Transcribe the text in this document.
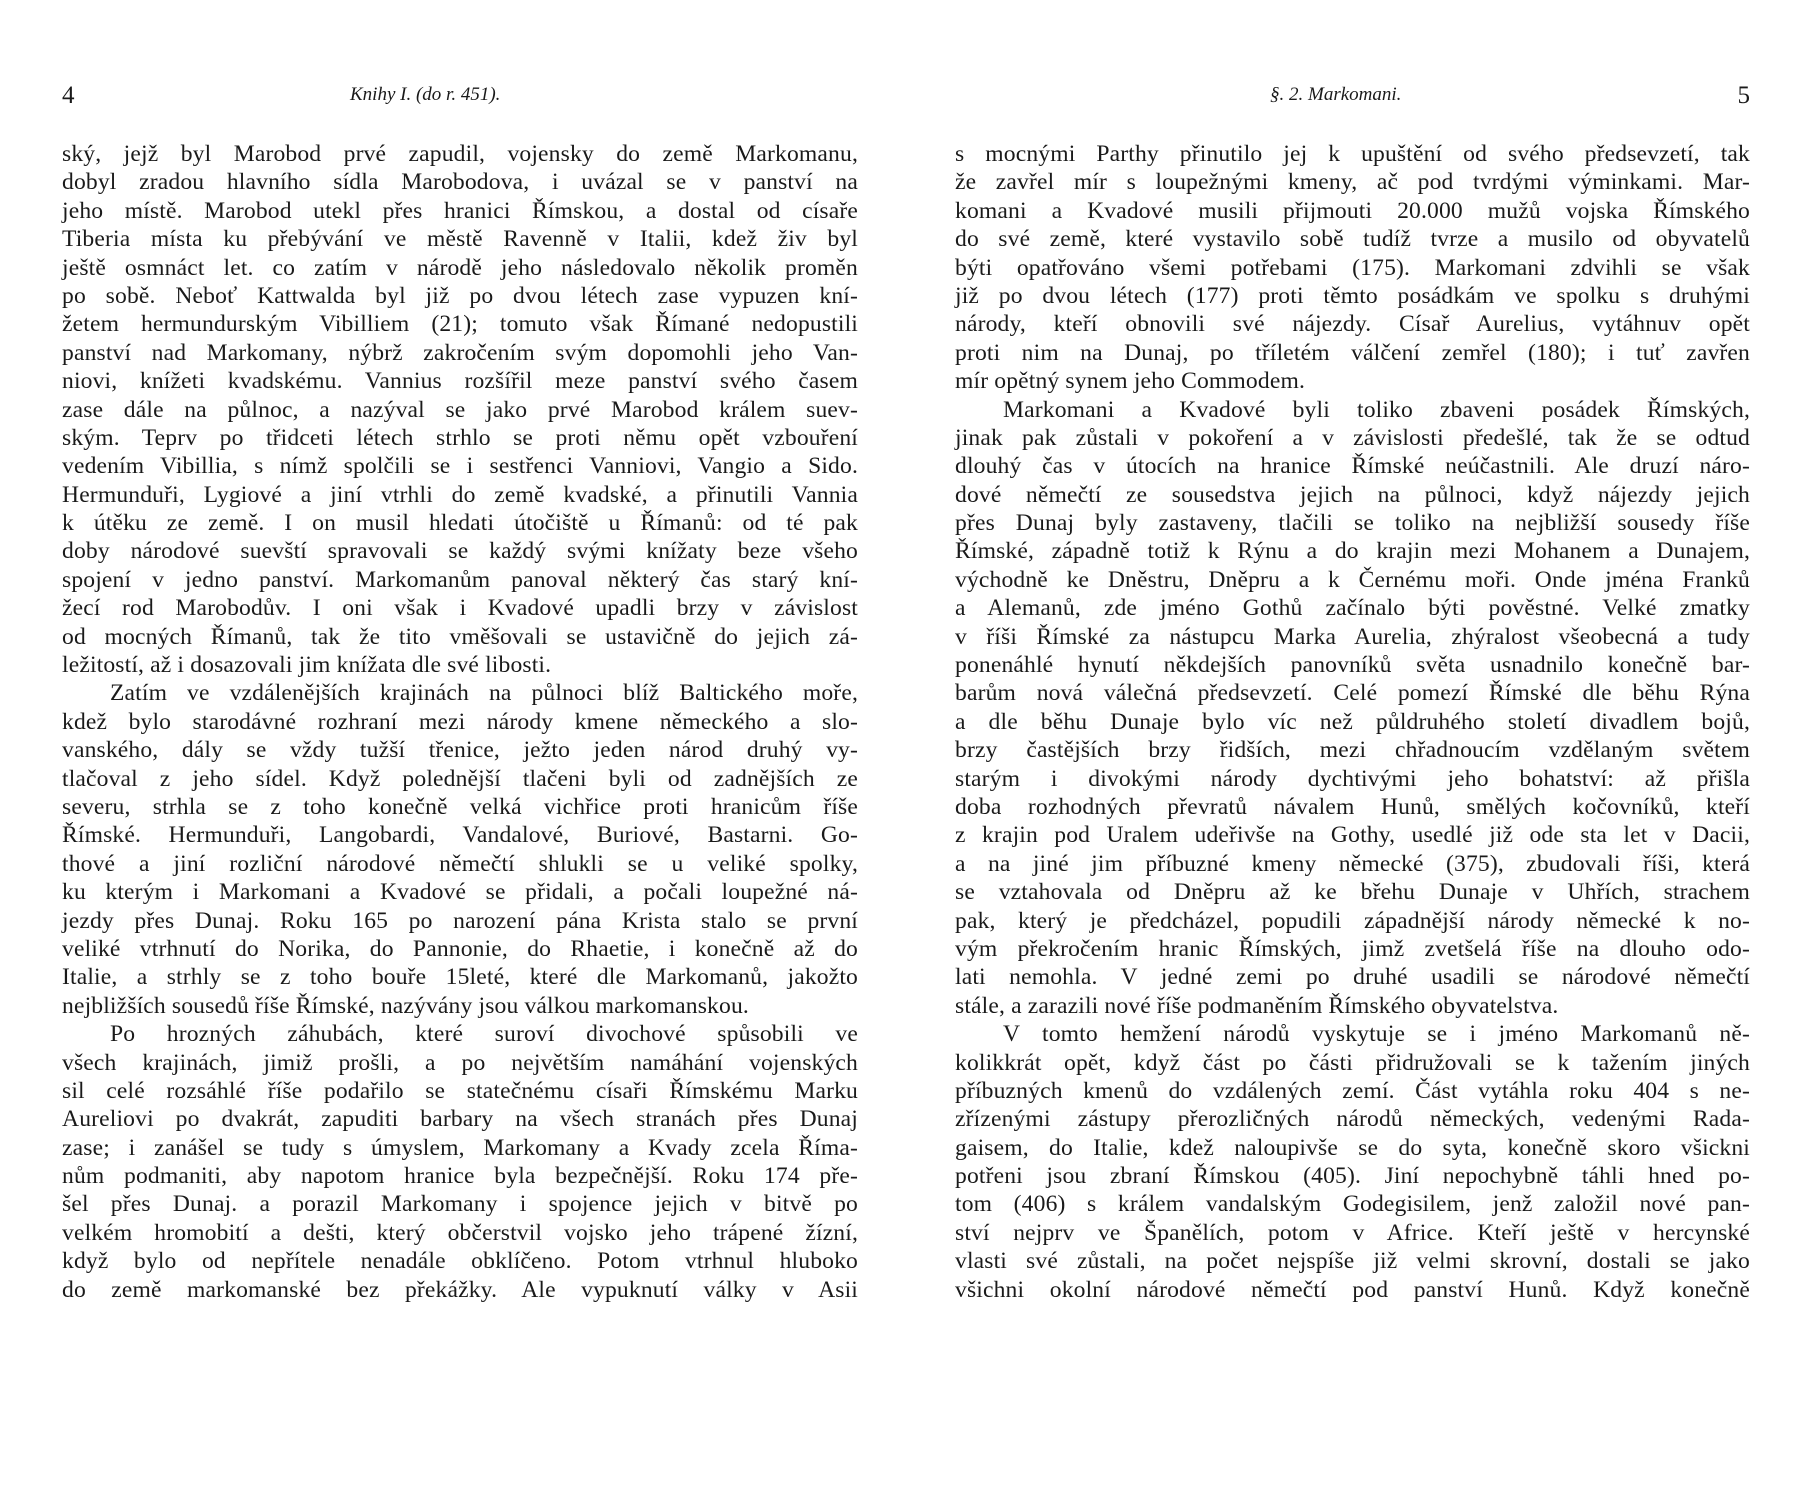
4	Knihy I. (do r. 451).
ský, jejž byl Marobod prvé zapudil, vojensky do země Markomanu,
dobyl zradou hlavního sídla Marobodova, i uvázal se v panství na
jeho místě. Marobod utekl přes hranici Římskou, a dostal od císaře
Tiberia místa ku přebývání ve městě Ravenně v Italii, kdež živ byl
ještě osmnáct let. co zatím v národě jeho následovalo několik proměn
po sobě. Neboť Kattwalda byl již po dvou létech zase vypuzen kní-
žetem hermundurským Vibilliem (21); tomuto však Římané nedopustili
panství nad Markomany, nýbrž zakročením svým dopomohli jeho Van-
niovi, knížeti kvadskému. Vannius rozšířil meze panství svého časem
zase dále na půlnoc, a nazýval se jako prvé Marobod králem suev-
ským. Teprv po třidceti létech strhlo se proti němu opět vzbouření
vedením Vibillia, s nímž spolčili se i sestřenci Vanniovi, Vangio a Sido.
Hermunduři, Lygiové a jiní vtrhli do země kvadské, a přinutili Vannia
k útěku ze země. I on musil hledati útočiště u Římanů: od té pak
doby národové suevští spravovali se každý svými knížaty beze všeho
spojení v jedno panství. Markomanům panoval některý čas starý kní-
žecí rod Marobodův. I oni však i Kvadové upadli brzy v závislost
od mocných Římanů, tak že tito vměšovali se ustavičně do jejich zá-
ležitostí, až i dosazovali jim knížata dle své libosti.
Zatím ve vzdálenějších krajinách na půlnoci blíž Baltického moře,
kdež bylo starodávné rozhraní mezi národy kmene německého a slo-
vanského, dály se vždy tužší třenice, ježto jeden národ druhý vy-
tlačoval z jeho sídel. Když polednější tlačeni byli od zadnějších ze
severu, strhla se z toho konečně velká vichřice proti hranicům říše
Římské. Hermunduři, Langobardi, Vandalové, Buriové, Bastarni. Go-
thové a jiní rozliční národové němečtí shlukli se u veliké spolky,
ku kterým i Markomani a Kvadové se přidali, a počali loupežné ná-
jezdy přes Dunaj. Roku 165 po narození pána Krista stalo se první
veliké vtrhnutí do Norika, do Pannonie, do Rhaetie, i konečně až do
Italie, a strhly se z toho bouře 15leté, které dle Markomanů, jakožto
nejbližších sousedů říše Římské, nazývány jsou válkou markomanskou.
Po hrozných záhubách, které suroví divochové spůsobili ve
všech krajinách, jimiž prošli, a po největším namáhání vojenských
sil celé rozsáhlé říše podařilo se statečnému císaři Římskému Marku
Aureliovi po dvakrát, zapuditi barbary na všech stranách přes Dunaj
zase; i zanášel se tudy s úmyslem, Markomany a Kvady zcela Říma-
nům podmaniti, aby napotom hranice byla bezpečnější. Roku 174 pře-
šel přes Dunaj. a porazil Markomany i spojence jejich v bitvě po
velkém hromobití a dešti, který občerstvil vojsko jeho trápené žízní,
když bylo od nepřítele nenadále obklíčeno. Potom vtrhnul hluboko
do země markomanské bez překážky. Ale vypuknutí války v Asii
§. 2. Markomani.	5
s mocnými Parthy přinutilo jej k upuštění od svého předsevzetí, tak
že zavřel mír s loupežnými kmeny, ač pod tvrdými výminkami. Mar-
komani a Kvadové musili přijmouti 20.000 mužů vojska Římského
do své země, které vystavilo sobě tudíž tvrze a musilo od obyvatelů
býti opatřováno všemi potřebami (175). Markomani zdvihli se však
již po dvou létech (177) proti těmto posádkám ve spolku s druhými
národy, kteří obnovili své nájezdy. Císař Aurelius, vytáhnuv opět
proti nim na Dunaj, po tříletém válčení zemřel (180); i tuť zavřen
mír opětný synem jeho Commodem.
Markomani a Kvadové byli toliko zbaveni posádek Římských,
jinak pak zůstali v pokoření a v závislosti předešlé, tak že se odtud
dlouhý čas v útocích na hranice Římské neúčastnili. Ale druzí náro-
dové němečtí ze sousedstva jejich na půlnoci, když nájezdy jejich
přes Dunaj byly zastaveny, tlačili se toliko na nejbližší sousedy říše
Římské, západně totiž k Rýnu a do krajin mezi Mohanem a Dunajem,
východně ke Dněstru, Dněpru a k Černému moři. Onde jména Franků
a Alemanů, zde jméno Gothů začínalo býti pověstné. Velké zmatky
v říši Římské za nástupcu Marka Aurelia, zhýralost všeobecná a tudy
ponenáhlé hynutí někdejších panovníků světa usnadnilo konečně bar-
barům nová válečná předsevzetí. Celé pomezí Římské dle běhu Rýna
a dle běhu Dunaje bylo víc než půldruhého století divadlem bojů,
brzy častějších brzy řidších, mezi chřadnoucím vzdělaným světem
starým i divokými národy dychtivými jeho bohatství: až přišla
doba rozhodných převratů návalem Hunů, smělých kočovníků, kteří
z krajin pod Uralem udeřivše na Gothy, usedlé již ode sta let v Dacii,
a na jiné jim příbuzné kmeny německé (375), zbudovali říši, která
se vztahovala od Dněpru až ke břehu Dunaje v Uhřích, strachem
pak, který je předcházel, popudili západnější národy německé k no-
vým překročením hranic Římských, jimž zvetšelá říše na dlouho odo-
lati nemohla. V jedné zemi po druhé usadili se národové němečtí
stále, a zarazili nové říše podmaněním Římského obyvatelstva.
V tomto hemžení národů vyskytuje se i jméno Markomanů ně-
kolikkrát opět, když část po části přidružovali se k tažením jiných
příbuzných kmenů do vzdálených zemí. Část vytáhla roku 404 s ne-
zřízenými zástupy přerozličných národů německých, vedenými Rada-
gaisem, do Italie, kdež naloupivše se do syta, konečně skoro všickni
potřeni jsou zbraní Římskou (405). Jiní nepochybně táhli hned po-
tom (406) s králem vandalským Godegisilem, jenž založil nové pan-
ství nejprv ve Španělích, potom v Africe. Kteří ještě v hercynské
vlasti své zůstali, na počet nejspíše již velmi skrovní, dostali se jako
všichni okolní národové němečtí pod panství Hunů. Když konečně
